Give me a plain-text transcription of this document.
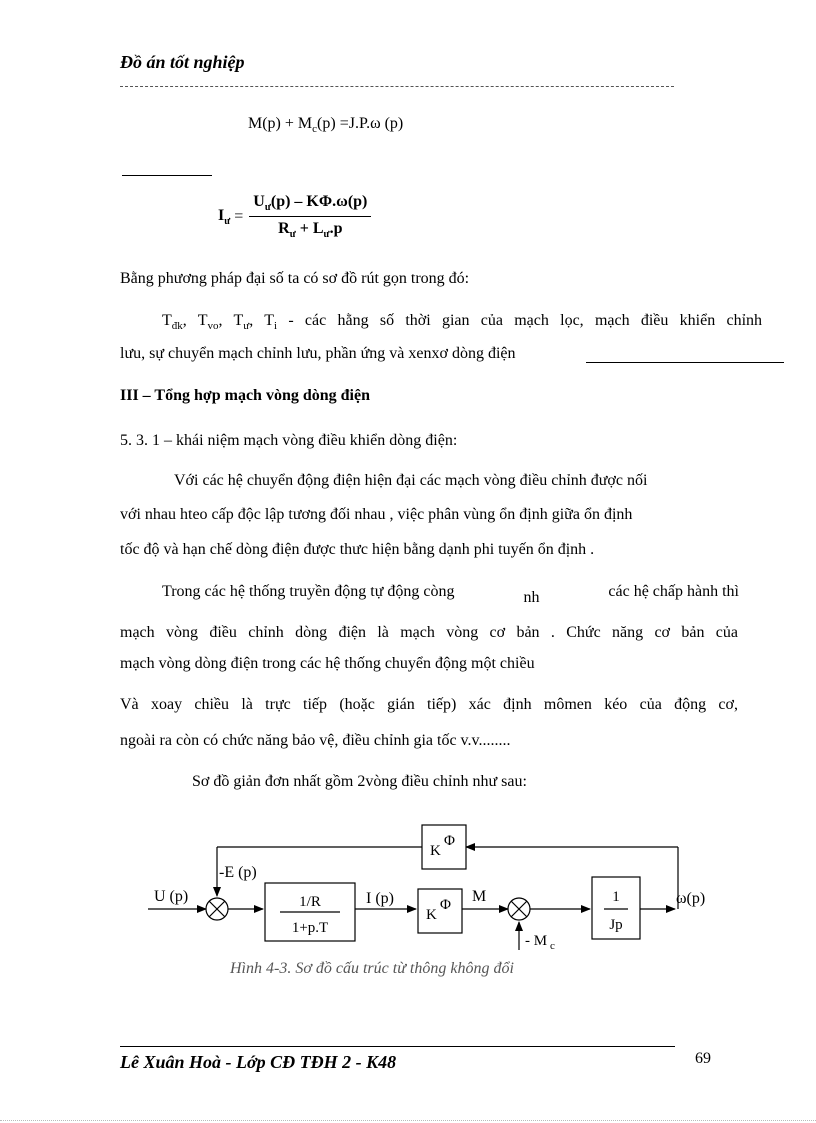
Đồ án tốt nghiệp
$M(p) + M_c(p) =J.P.\omega$ (p)
$I_ư = \frac{U_ư(p) - K\Phi.\omega(p)}{R_ư + L_ư.p}$
Bằng phương pháp đại số ta có sơ đồ rút gọn trong đó:
$T_{đk}$, $T_{vo}$, $T_ư$, $T_i$ - các hằng số thời gian của mạch lọc, mạch điều khiển chỉnh
lưu, sự chuyển mạch chỉnh lưu, phần ứng và xenxơ dòng điện
III – Tổng hợp mạch vòng dòng điện
5. 3. 1 – khái niệm mạch vòng điều khiển dòng điện:
Với các hệ chuyển động điện hiện đại các mạch vòng điều chỉnh được nối
với nhau hteo cấp độc lập tương đối nhau , việc phân vùng ổn định giữa ổn định
tốc độ và hạn chế dòng điện được thưc hiện bằng dạnh phi tuyến ổn định .
Trong các hệ thống truyền động tự động còng	nh	các hệ chấp hành thì
mạch vòng điều chỉnh dòng điện là mạch vòng cơ bản . Chức năng cơ bản của
mạch vòng dòng điện trong các hệ thống chuyển động một chiều
Và xoay chiều là trực tiếp (hoặc gián tiếp) xác định mômen kéo của động cơ,
ngoài ra còn có chức năng bảo vệ, điều chỉnh gia tốc v.v........
Sơ đồ giản đơn nhất gồm 2vòng điều chỉnh như sau:
U (p)
-E (p)
1/R
1+p.T
I (p)
K
Φ M
- M c
1
Jp
ω(p)
K
Φ
Hình 4-3. Sơ đồ cấu trúc từ thông không đổi
Lê Xuân Hoà - Lớp CĐ TĐH 2 - K48	69
